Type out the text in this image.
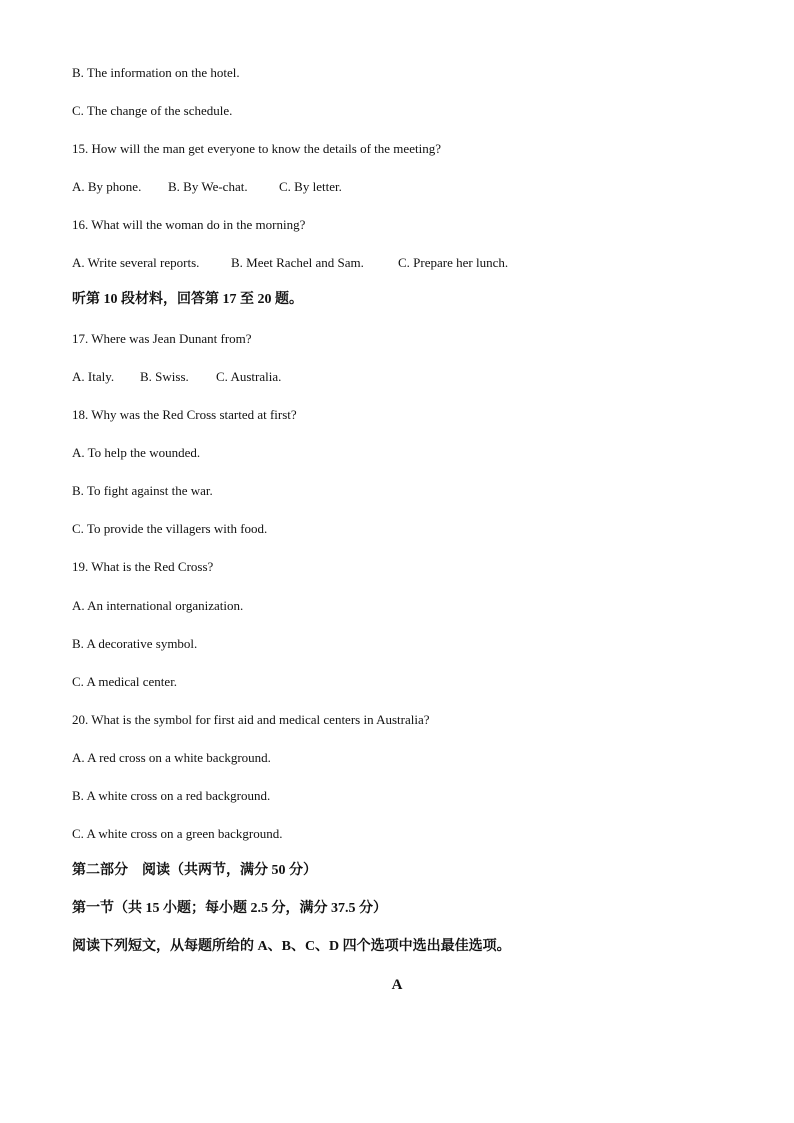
B. The information on the hotel.
C. The change of the schedule.
15. How will the man get everyone to know the details of the meeting?
A. By phone. B. By We-chat. C. By letter.
16. What will the woman do in the morning?
A. Write several reports. B. Meet Rachel and Sam.	C. Prepare her lunch.
听第 10 段材料，回答第 17 至 20 题。
17. Where was Jean Dunant from?
A. Italy. B. Swiss. C. Australia.
18. Why was the Red Cross started at first?
A. To help the wounded.
B. To fight against the war.
C. To provide the villagers with food.
19. What is the Red Cross?
A. An international organization.
B. A decorative symbol.
C. A medical center.
20. What is the symbol for first aid and medical centers in Australia?
A. A red cross on a white background.
B. A white cross on a red background.
C. A white cross on a green background.
第二部分　阅读（共两节，满分 50 分）
第一节（共 15 小题；每小题 2.5 分，满分 37.5 分）
阅读下列短文，从每题所给的 A、B、C、D 四个选项中选出最佳选项。
A
